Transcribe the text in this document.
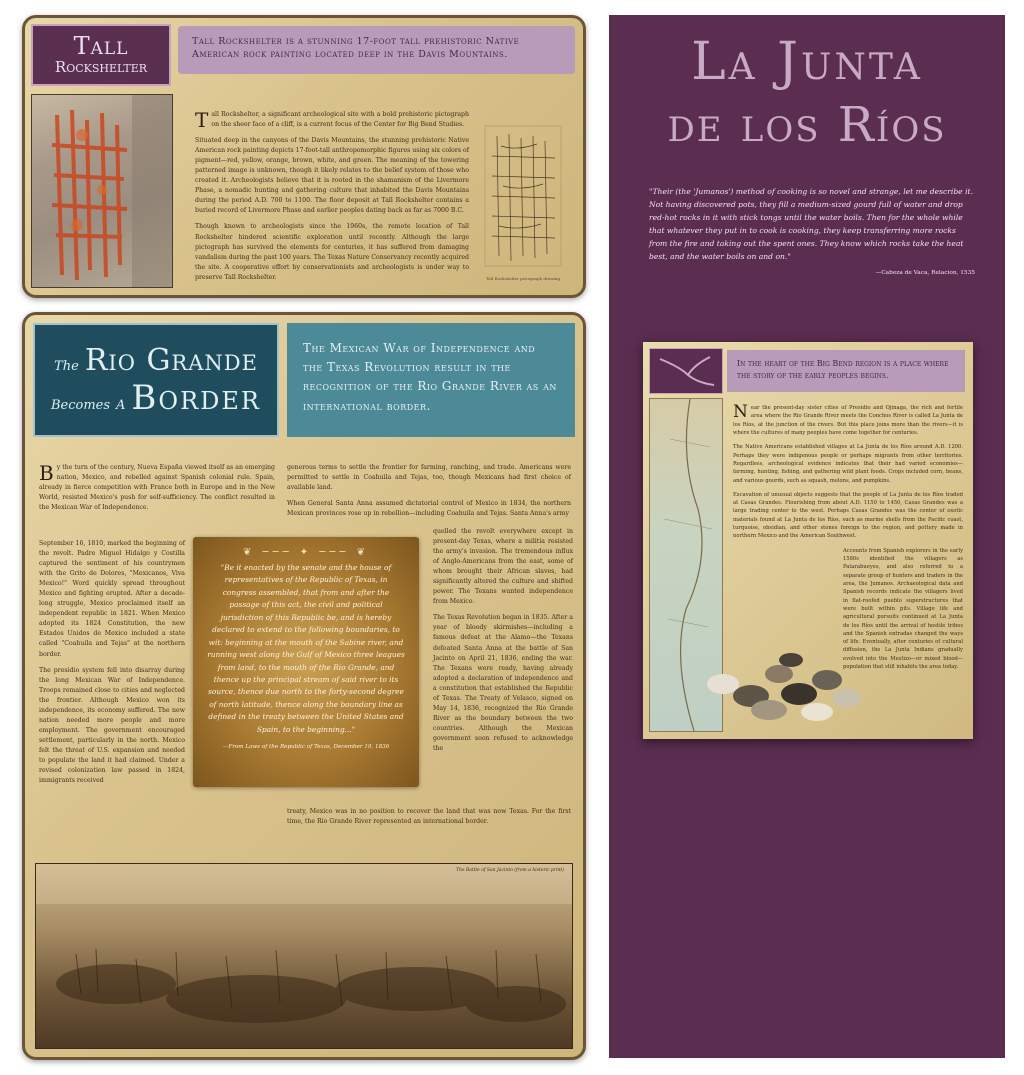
Tall
Rockshelter
Tall Rockshelter is a stunning 17-foot tall prehistoric Native American rock painting located deep in the Davis Mountains.

Tall Rockshelter, a significant archeological site with a bold prehistoric pictograph on the sheer face of a cliff, is a current focus of the Center for Big Bend Studies.

Situated deep in the canyons of the Davis Mountains, the stunning prehistoric Native American rock painting depicts 17-foot-tall anthropomorphic figures using six colors of pigment—red, yellow, orange, brown, white, and green. The meaning of the towering patterned image is unknown, though it likely relates to the belief system of those who created it. Archeologists believe that it is rooted in the shamanism of the Livermore Phase, a nomadic hunting and gathering culture that inhabited the Davis Mountains during the period A.D. 700 to 1100. The floor deposit at Tall Rockshelter contains a buried record of Livermore Phase and earlier peoples dating back as far as 7000 B.C.

Though known to archeologists since the 1960s, the remote location of Tall Rockshelter hindered scientific exploration until recently. Although the large pictograph has survived the elements for centuries, it has suffered from damaging vandalism during the past 100 years. The Texas Nature Conservancy recently acquired the site. A cooperative effort by conservationists and archeologists is under way to preserve Tall Rockshelter.	Tall Rockshelter pictograph drawing
The Rio Grande
Becomes A Border
The Mexican War of Independence and the Texas Revolution result in the recognition of the Rio Grande River as an international border.

By the turn of the century, Nueva España viewed itself as an emerging nation, Mexico, and rebelled against Spanish colonial rule. Spain, already in fierce competition with France both in Europe and in the New World, resisted Mexico's push for self-sufficiency. The conflict resulted in the Mexican War of Independence.

September 16, 1810, marked the beginning of the revolt. Padre Miguel Hidalgo y Costilla captured the sentiment of his countrymen with the Grito de Dolores, "Mexicanos, Viva Mexico!" Word quickly spread throughout Mexico and fighting erupted. After a decade-long struggle, Mexico proclaimed itself an independent republic in 1821. When Mexico adopted its 1824 Constitution, the new Estados Unidos de Mexico included a state called "Coahuila and Tejas" at the northern border.

The presidio system fell into disarray during the long Mexican War of Independence. Troops remained close to cities and neglected the frontier. Although Mexico won its independence, its economy suffered. The new nation needed more people and more employment. The government encouraged settlement, particularly in the north. Mexico felt the threat of U.S. expansion and needed to populate the land it had claimed. Under a revised colonization law passed in 1824, immigrants received

generous terms to settle the frontier for farming, ranching, and trade. Americans were permitted to settle in Coahuila and Tejas, too, though Mexicans had first choice of available land.

When General Santa Anna assumed dictatorial control of Mexico in 1834, the northern Mexican provinces rose up in rebellion—including Coahuila and Tejas. Santa Anna's army

quelled the revolt everywhere except in present-day Texas, where a militia resisted the army's invasion. The tremendous influx of Anglo-Americans from the east, some of whom brought their African slaves, had significantly altered the culture and shifted power. The Texans wanted independence from Mexico.

The Texas Revolution began in 1835. After a year of bloody skirmishes—including a famous defeat at the Alamo—the Texans defeated Santa Anna at the battle of San Jacinto on April 21, 1836, ending the war. The Texans were ready, having already adopted a declaration of independence and a constitution that established the Republic of Texas. The Treaty of Velasco, signed on May 14, 1836, recognized the Rio Grande River as the boundary between the two countries. Although the Mexican government soon refused to acknowledge the

treaty, Mexico was in no position to recover the land that was now Texas. For the first time, the Rio Grande River represented an international border.

❦ ─── ✦ ─── ❦
"Be it enacted by the senate and the house of representatives of the Republic of Texas, in congress assembled, that from and after the passage of this act, the civil and political jurisdiction of this Republic be, and is hereby declared to extend to the following boundaries, to wit: beginning at the mouth of the Sabine river, and running west along the Gulf of Mexico three leagues from land, to the mouth of the Rio Grande, and thence up the principal stream of said river to its source, thence due north to the forty-second degree of north latitude, thence along the boundary line as defined in the treaty between the United States and Spain, to the beginning..."
—From Laws of the Republic of Texas, December 19, 1836
The Battle of San Jacinto (from a historic print)
La Junta
de los Ríos
"Their (the 'Jumanos') method of cooking is so novel and strange, let me describe it. Not having discovered pots, they fill a medium-sized gourd full of water and drop red-hot rocks in it with stick tongs until the water boils. Then for the whole while that whatever they put in to cook is cooking, they keep transferring more rocks from the fire and taking out the spent ones. They know which rocks take the heat best, and the water boils on and on."
—Cabeza de Vaca, Relacion, 1535
In the heart of the Big Bend region is a place where the story of the early peoples begins.

Near the present-day sister cities of Presidio and Ojinaga, the rich and fertile area where the Rio Grande River meets the Conchos River is called La Junta de los Ríos, at the junction of the rivers. But this place joins more than the rivers—it is where the cultures of many peoples have come together for centuries.

The Native Americans established villages at La Junta de los Ríos around A.D. 1200. Perhaps they were indigenous people or perhaps migrants from other territories. Regardless, archeological evidence indicates that their had varied economies—farming, hunting, fishing, and gathering wild plant foods. Crops included corn, beans, and various gourds, such as squash, melons, and pumpkins.

Excavation of unusual objects suggests that the people of La Junta de los Ríos traded at Casas Grandes. Flourishing from about A.D. 1150 to 1450, Casas Grandes was a large trading center to the west. Perhaps Casas Grandes was the center of exotic materials found at La Junta de los Ríos, such as marine shells from the Pacific coast, turquoise, obsidian, and other stones foreign to the region, and pottery made in northern Mexico and the American Southwest.

Accounts from Spanish explorers in the early 1580s identified the villagers as Patarabueyes, and also referred to a separate group of hunters and traders in the area, the Jumanos. Archaeological data and Spanish records indicate the villagers lived in flat-roofed pueblo superstructures that were built within pits. Village life and agricultural pursuits continued at La Junta de los Ríos until the arrival of hostile tribes and the Spanish entradas changed the ways of life. Eventually, after centuries of cultural diffusion, the La Junta Indians gradually evolved into the Mestizo—or mixed blood—population that still inhabits the area today.
